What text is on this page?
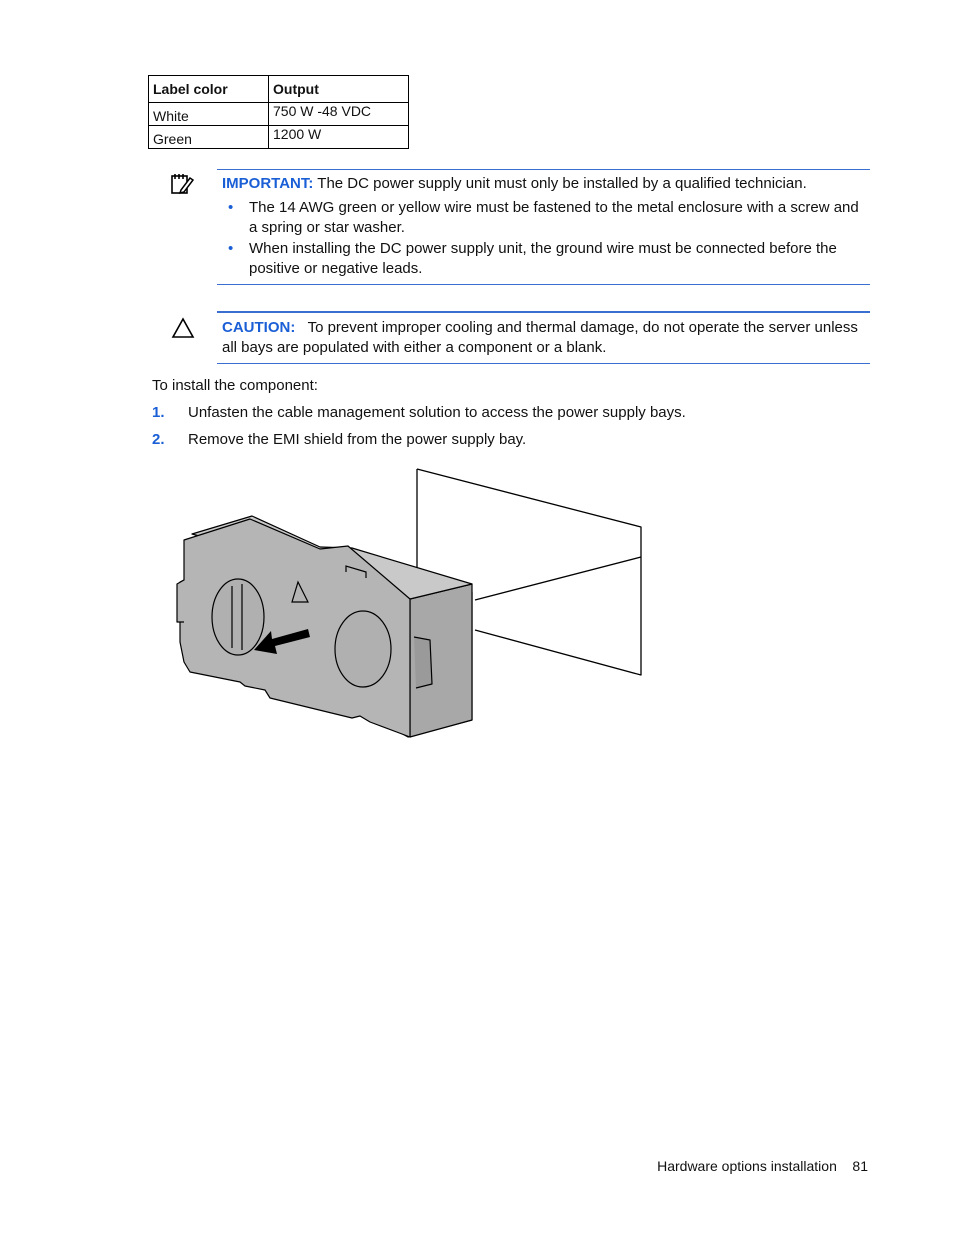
Label color	Output
White	750 W -48 VDC
Green	1200 W

IMPORTANT: The DC power supply unit must only be installed by a qualified technician.

• The 14 AWG green or yellow wire must be fastened to the metal enclosure with a screw and a spring or star washer.
• When installing the DC power supply unit, the ground wire must be connected before the positive or negative leads.

CAUTION: To prevent improper cooling and thermal damage, do not operate the server unless all bays are populated with either a component or a blank.

To install the component:
1. Unfasten the cable management solution to access the power supply bays.
2. Remove the EMI shield from the power supply bay.
Hardware options installation 81
